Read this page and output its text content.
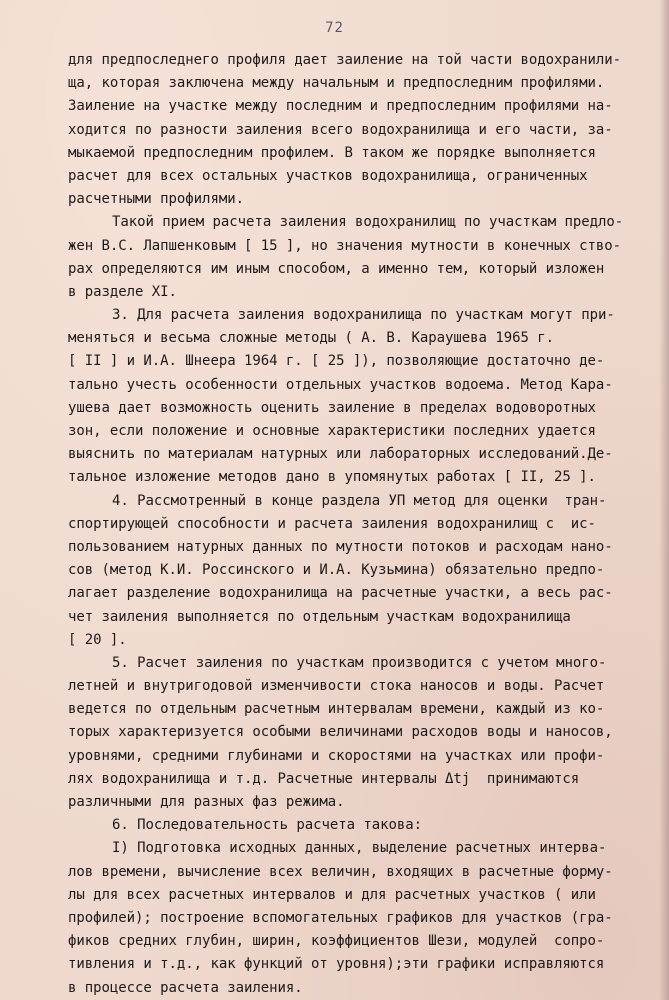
72
для предпоследнего профиля дает заиление на той части водохранили-
ща, которая заключена между начальным и предпоследним профилями.
Заиление на участке между последним и предпоследним профилями на-
ходится по разности заиления всего водохранилища и его части, за-
мыкаемой предпоследним профилем. В таком же порядке выполняется
расчет для всех остальных участков водохранилища, ограниченных
расчетными профилями.
Такой прием расчета заиления водохранилищ по участкам предло-
жен В.С. Лапшенковым [ 15 ], но значения мутности в конечных ство-
рах определяются им иным способом, а именно тем, который изложен
в разделе XI.
3. Для расчета заиления водохранилища по участкам могут при-
меняться и весьма сложные методы ( А. В. Караушева 1965 г.
[ II ] и И.А. Шнеера 1964 г. [ 25 ]), позволяющие достаточно де-
тально учесть особенности отдельных участков водоема. Метод Кара-
ушева дает возможность оценить заиление в пределах водоворотных
зон, если положение и основные характеристики последних удается
выяснить по материалам натурных или лабораторных исследований.Де-
тальное изложение методов дано в упомянутых работах [ II, 25 ].
4. Рассмотренный в конце раздела УП метод для оценки  тран-
спортирующей способности и расчета заиления водохранилищ с  ис-
пользованием натурных данных по мутности потоков и расходам нано-
сов (метод К.И. Россинского и И.А. Кузьмина) обязательно предпо-
лагает разделение водохранилища на расчетные участки, а весь рас-
чет заиления выполняется по отдельным участкам водохранилища
[ 20 ].
5. Расчет заиления по участкам производится с учетом много-
летней и внутригодовой изменчивости стока наносов и воды. Расчет
ведется по отдельным расчетным интервалам времени, каждый из ко-
торых характеризуется особыми величинами расходов воды и наносов,
уровнями, средними глубинами и скоростями на участках или профи-
лях водохранилища и т.д. Расчетные интервалы Δtj  принимаются
различными для разных фаз режима.
6. Последовательность расчета такова:
I) Подготовка исходных данных, выделение расчетных интерва-
лов времени, вычисление всех величин, входящих в расчетные форму-
лы для всех расчетных интервалов и для расчетных участков ( или
профилей); построение вспомогательных графиков для участков (гра-
фиков средних глубин, ширин, коэффициентов Шези, модулей  сопро-
тивления и т.д., как функций от уровня);эти графики исправляются
в процессе расчета заиления.
